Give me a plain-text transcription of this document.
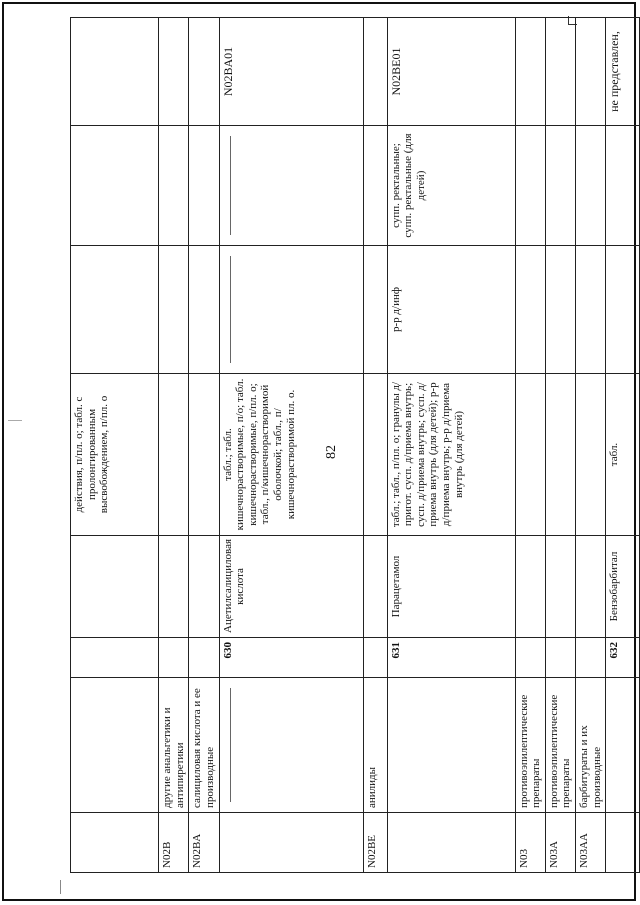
82
				действия, п/пл. о; табл. с пролонгированным высвобождением, п/пл. о			
N02B	другие анальгетики и антипиретики						
N02BA	салициловая кислота и ее производные						

	630	Ацетилсалициловая кислота	табл.; табл. кишечнорастворимые, п/о; табл. кишечнорастворимые, п/пл. о; табл., п/кишечнорастворимой оболочкой; табл., п/кишечнорастворимой пл. о.			N02BA01
N02BE	анилиды						
		631	Парацетамол	табл.; табл., п/пл. о; гранулы д/пригот. сусп. д/приема внутрь; сусп. д/приема внутрь; сусп. д/приема внутрь (для детей); р-р д/приема внутрь; р-р д/приема внутрь (для детей)	р-р д/инф	супп. ректальные; супп. ректальные (для детей)	N02BE01
N03	противоэпилептические препараты						
N03A	противоэпилептические препараты						
N03AA	барбитураты и их производные						
		632	Бензобарбитал	табл.			не представлен,
